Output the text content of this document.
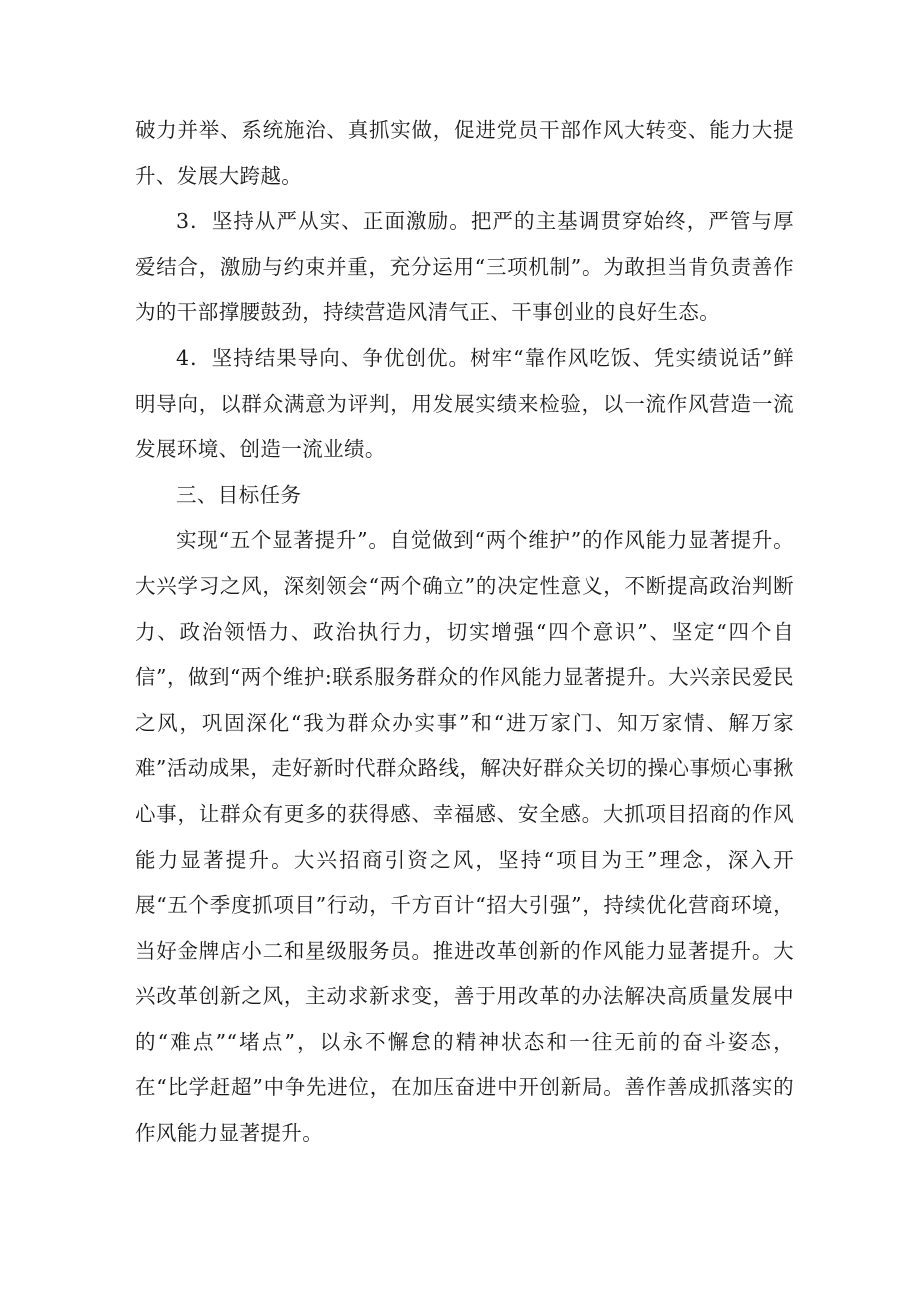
破力并举、系统施治、真抓实做，促进党员干部作风大转变、能力大提升、发展大跨越。

3．坚持从严从实、正面激励。把严的主基调贯穿始终，严管与厚爱结合，激励与约束并重，充分运用“三项机制”。为敢担当肯负责善作为的干部撑腰鼓劲，持续营造风清气正、干事创业的良好生态。

4．坚持结果导向、争优创优。树牢“靠作风吃饭、凭实绩说话”鲜明导向，以群众满意为评判，用发展实绩来检验，以一流作风营造一流发展环境、创造一流业绩。

三、目标任务

实现“五个显著提升”。自觉做到“两个维护”的作风能力显著提升。大兴学习之风，深刻领会“两个确立”的决定性意义，不断提高政治判断力、政治领悟力、政治执行力，切实增强“四个意识”、坚定“四个自信”，做到“两个维护:联系服务群众的作风能力显著提升。大兴亲民爱民之风，巩固深化“我为群众办实事”和“进万家门、知万家情、解万家难”活动成果，走好新时代群众路线，解决好群众关切的操心事烦心事揪心事，让群众有更多的获得感、幸福感、安全感。大抓项目招商的作风能力显著提升。大兴招商引资之风，坚持“项目为王”理念，深入开展“五个季度抓项目”行动，千方百计“招大引强”，持续优化营商环境，当好金牌店小二和星级服务员。推进改革创新的作风能力显著提升。大兴改革创新之风，主动求新求变，善于用改革的办法解决高质量发展中的“难点”“堵点”，以永不懈怠的精神状态和一往无前的奋斗姿态，在“比学赶超”中争先进位，在加压奋进中开创新局。善作善成抓落实的作风能力显著提升。
